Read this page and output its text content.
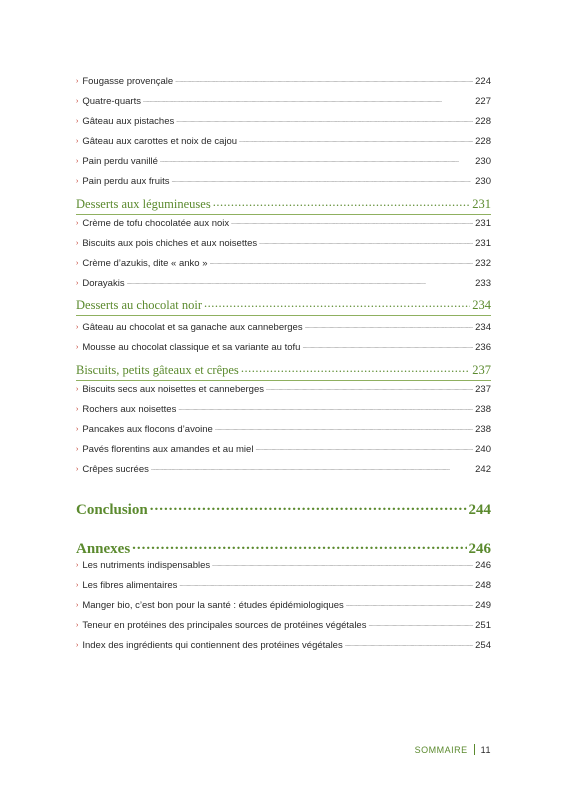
› Fougasse provençale .....	224
› Quatre-quarts .....	227
› Gâteau aux pistaches .....	228
› Gâteau aux carottes et noix de cajou .....	228
› Pain perdu vanillé .....	230
› Pain perdu aux fruits .....	230
Desserts aux légumineuses .....	231
› Crème de tofu chocolatée aux noix .....	231
› Biscuits aux pois chiches et aux noisettes .....	231
› Crème d’azukis, dite « anko » .....	232
› Dorayakis .....	233
Desserts au chocolat noir .....	234
› Gâteau au chocolat et sa ganache aux canneberges .....	234
› Mousse au chocolat classique et sa variante au tofu .....	236
Biscuits, petits gâteaux et crêpes .....	237
› Biscuits secs aux noisettes et canneberges .....	237
› Rochers aux noisettes .....	238
› Pancakes aux flocons d’avoine .....	238
› Pavés florentins aux amandes et au miel .....	240
› Crêpes sucrées .....	242
Conclusion .....	244
Annexes .....	246
› Les nutriments indispensables .....	246
› Les fibres alimentaires .....	248
› Manger bio, c’est bon pour la santé : études épidémiologiques .....	249
› Teneur en protéines des principales sources de protéines végétales .....	251
› Index des ingrédients qui contiennent des protéines végétales .....	254
SOMMAIRE 11
